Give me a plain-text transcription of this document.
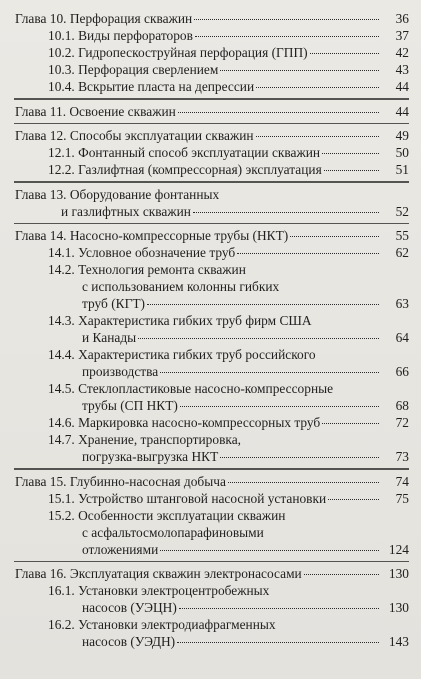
Глава 10. Перфорация скважин	36
10.1. Виды перфораторов	37
10.2. Гидропескоструйная перфорация (ГПП)	42
10.3. Перфорация сверлением	43
10.4. Вскрытие пласта на депрессии	44
Глава 11. Освоение скважин	44
Глава 12. Способы эксплуатации скважин	49
12.1. Фонтанный способ эксплуатации скважин	50
12.2. Газлифтная (компрессорная) эксплуатация	51
Глава 13. Оборудование фонтанных
и газлифтных скважин	52
Глава 14. Насосно-компрессорные трубы (НКТ)	55
14.1. Условное обозначение труб	62
14.2. Технология ремонта скважин
с использованием колонны гибких
труб (КГТ)	63
14.3. Характеристика гибких труб фирм США
и Канады	64
14.4. Характеристика гибких труб российского
производства	66
14.5. Стеклопластиковые насосно-компрессорные
трубы (СП НКТ)	68
14.6. Маркировка насосно-компрессорных труб	72
14.7. Хранение, транспортировка,
погрузка-выгрузка НКТ	73
Глава 15. Глубинно-насосная добыча	74
15.1. Устройство штанговой насосной установки	75
15.2. Особенности эксплуатации скважин
с асфальтосмолопарафиновыми
отложениями	124
Глава 16. Эксплуатация скважин электронасосами	130
16.1. Установки электроцентробежных
насосов (УЭЦН)	130
16.2. Установки электродиафрагменных
насосов (УЭДН)	143
